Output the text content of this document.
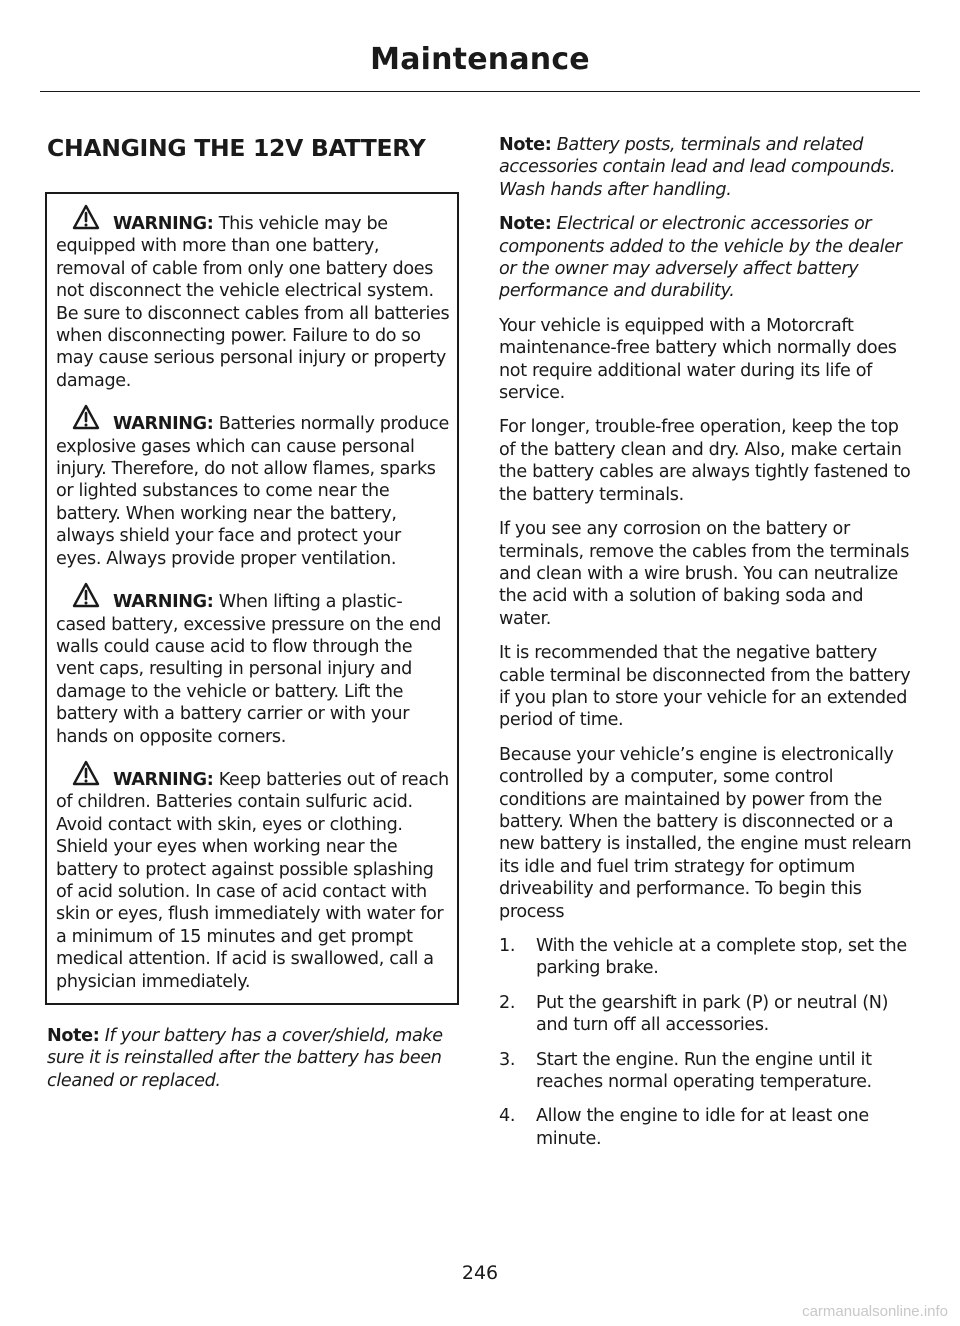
Maintenance
CHANGING THE 12V BATTERY
WARNING: This vehicle may be equipped with more than one battery, removal of cable from only one battery does not disconnect the vehicle electrical system. Be sure to disconnect cables from all batteries when disconnecting power. Failure to do so may cause serious personal injury or property damage.
WARNING: Batteries normally produce explosive gases which can cause personal injury. Therefore, do not allow flames, sparks or lighted substances to come near the battery. When working near the battery, always shield your face and protect your eyes. Always provide proper ventilation.
WARNING: When lifting a plastic-cased battery, excessive pressure on the end walls could cause acid to flow through the vent caps, resulting in personal injury and damage to the vehicle or battery. Lift the battery with a battery carrier or with your hands on opposite corners.
WARNING: Keep batteries out of reach of children. Batteries contain sulfuric acid. Avoid contact with skin, eyes or clothing. Shield your eyes when working near the battery to protect against possible splashing of acid solution. In case of acid contact with skin or eyes, flush immediately with water for a minimum of 15 minutes and get prompt medical attention. If acid is swallowed, call a physician immediately.

Note: If your battery has a cover/shield, make sure it is reinstalled after the battery has been cleaned or replaced.

Note: Battery posts, terminals and related accessories contain lead and lead compounds. Wash hands after handling.

Note: Electrical or electronic accessories or components added to the vehicle by the dealer or the owner may adversely affect battery performance and durability.

Your vehicle is equipped with a Motorcraft maintenance-free battery which normally does not require additional water during its life of service.

For longer, trouble-free operation, keep the top of the battery clean and dry. Also, make certain the battery cables are always tightly fastened to the battery terminals.

If you see any corrosion on the battery or terminals, remove the cables from the terminals and clean with a wire brush. You can neutralize the acid with a solution of baking soda and water.

It is recommended that the negative battery cable terminal be disconnected from the battery if you plan to store your vehicle for an extended period of time.

Because your vehicle’s engine is electronically controlled by a computer, some control conditions are maintained by power from the battery. When the battery is disconnected or a new battery is installed, the engine must relearn its idle and fuel trim strategy for optimum driveability and performance. To begin this process

1. With the vehicle at a complete stop, set the parking brake.
2. Put the gearshift in park (P) or neutral (N) and turn off all accessories.
3. Start the engine. Run the engine until it reaches normal operating temperature.
4. Allow the engine to idle for at least one minute.
246
carmanualsonline.info
